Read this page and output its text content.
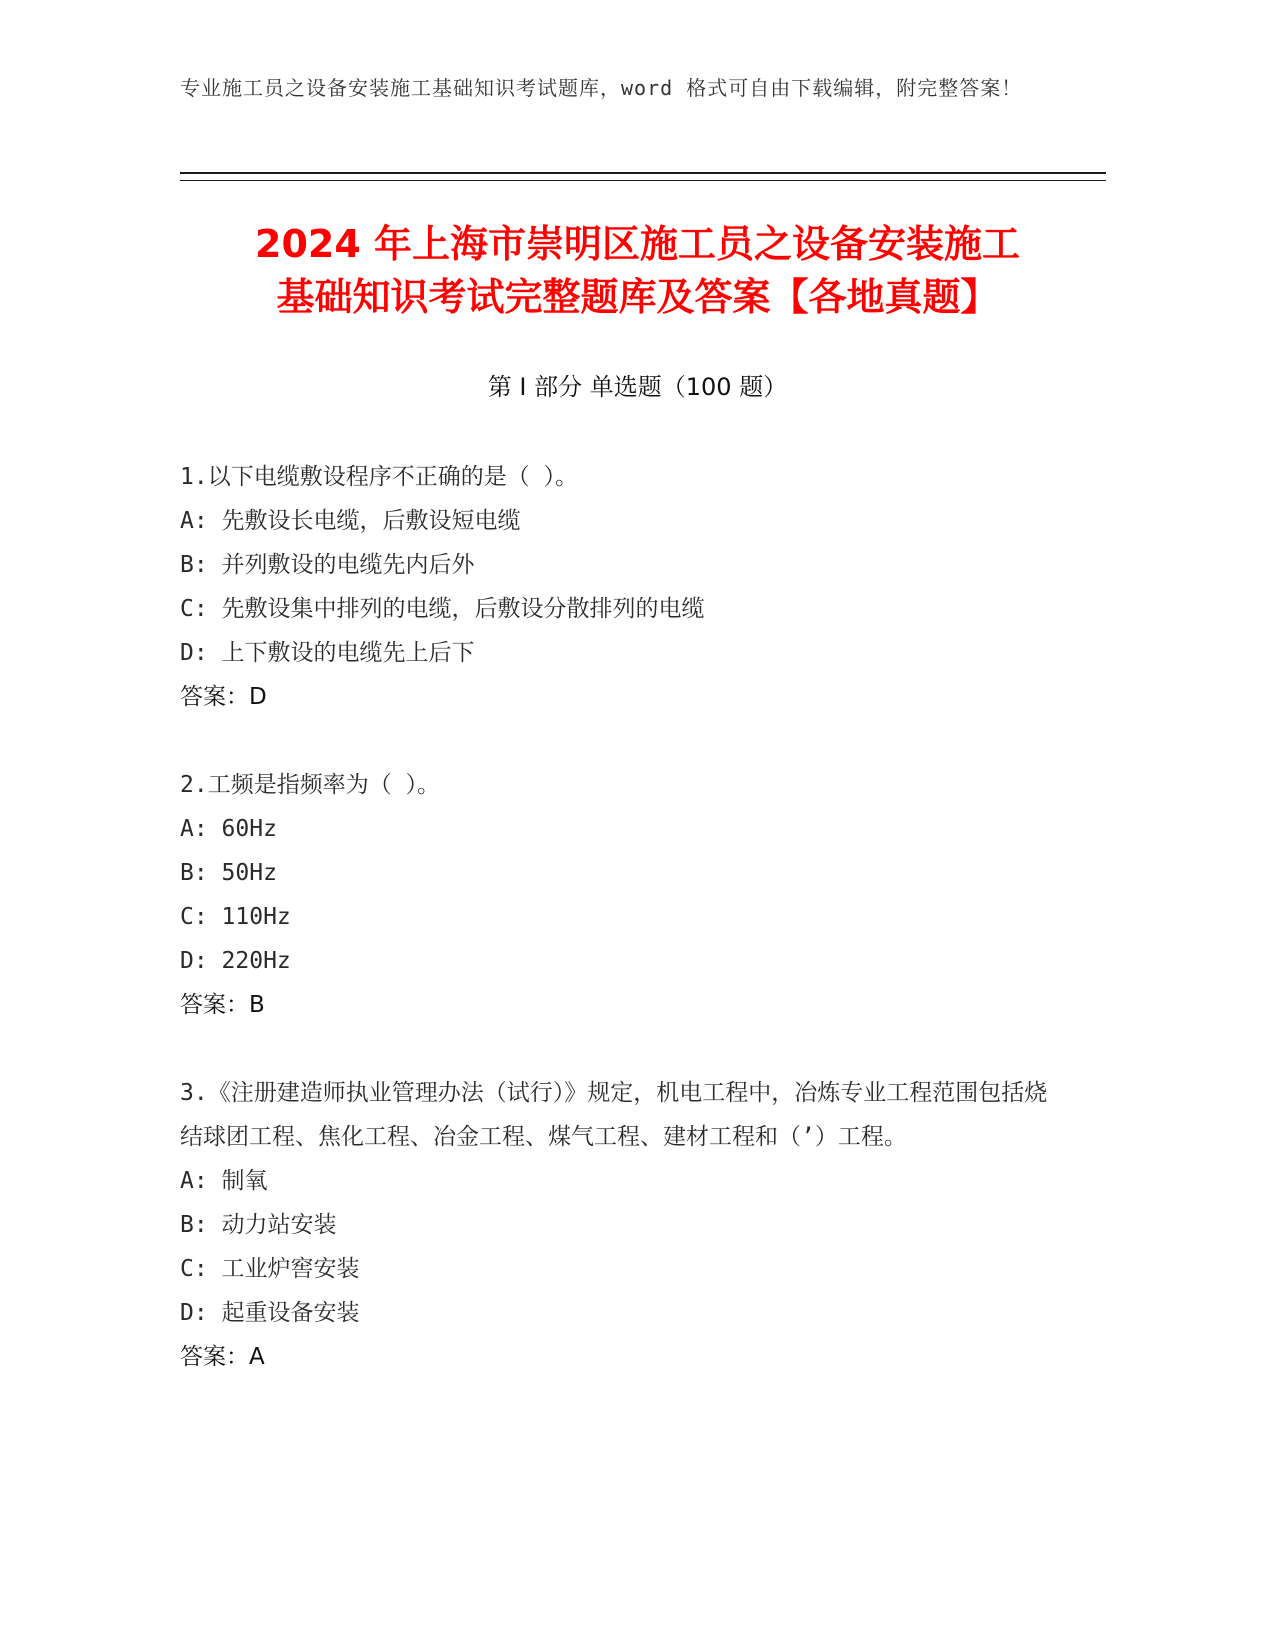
专业施工员之设备安装施工基础知识考试题库，word 格式可自由下载编辑，附完整答案！
2024 年上海市崇明区施工员之设备安装施工
基础知识考试完整题库及答案【各地真题】
第 I 部分 单选题（100 题）

1.以下电缆敷设程序不正确的是（ ）。

A: 先敷设长电缆，后敷设短电缆

B: 并列敷设的电缆先内后外

C: 先敷设集中排列的电缆，后敷设分散排列的电缆

D: 上下敷设的电缆先上后下

答案：D

2.工频是指频率为（ ）。

A: 60Hz

B: 50Hz

C: 110Hz

D: 220Hz

答案：B

3.《注册建造师执业管理办法（试行）》规定，机电工程中，冶炼专业工程范围包括烧结球团工程、焦化工程、冶金工程、煤气工程、建材工程和（’）工程。

A: 制氧

B: 动力站安装

C: 工业炉窖安装

D: 起重设备安装

答案：A
